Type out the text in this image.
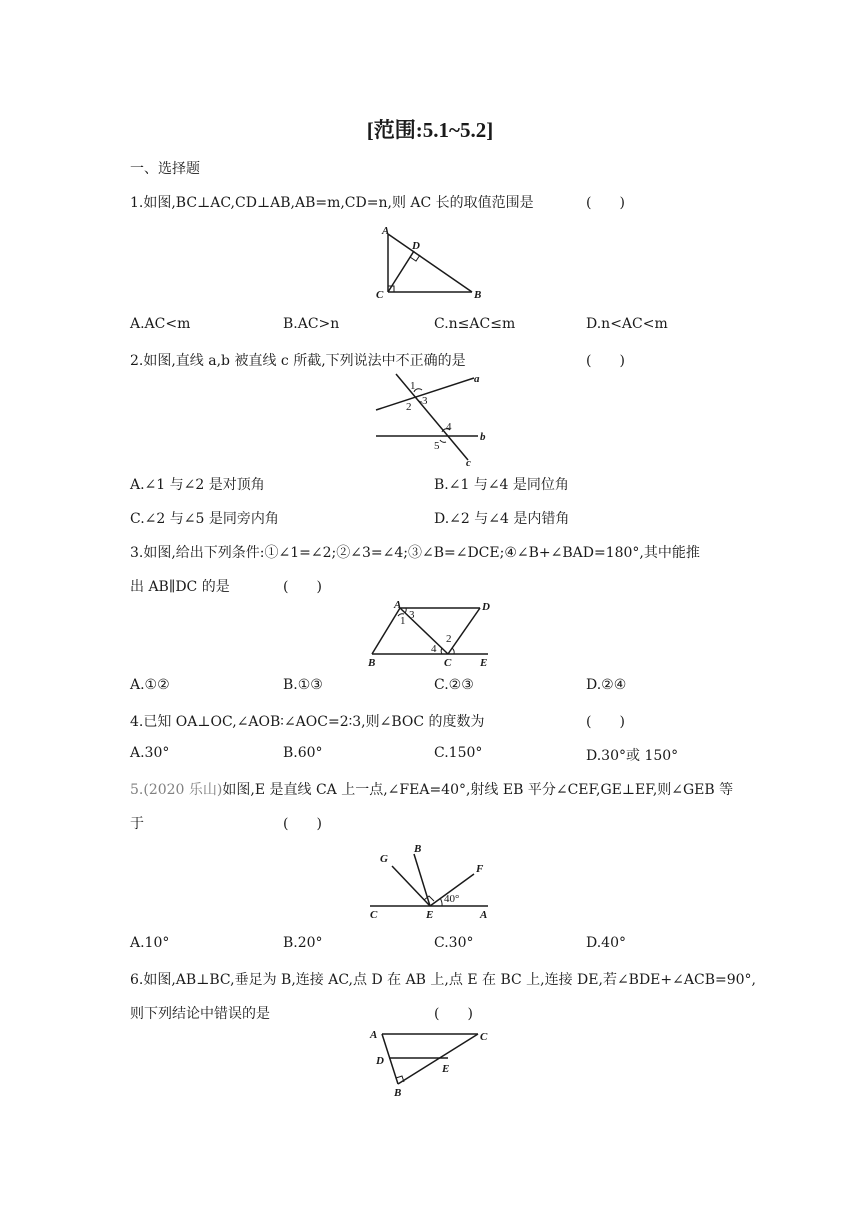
[范围:5.1~5.2]
一、选择题
1.如图,BC⊥AC,CD⊥AB,AB=m,CD=n,则 AC 长的取值范围是	(　　)
A
D
C	B
A.AC<m	B.AC>n	C.n≤AC≤m	D.n<AC<m
2.如图,直线 a,b 被直线 c 所截,下列说法中不正确的是	(　　)
1
2 3
4
5
a
b
c
A.∠1 与∠2 是对顶角	B.∠1 与∠4 是同位角
C.∠2 与∠5 是同旁内角	D.∠2 与∠4 是内错角
3.如图,给出下列条件:①∠1=∠2;②∠3=∠4;③∠B=∠DCE;④∠B+∠BAD=180°,其中能推
出 AB∥DC 的是	(　　)
A	D
1 3
2
4
B	C	E
A.①②	B.①③	C.②③	D.②④
4.已知 OA⊥OC,∠AOB∶∠AOC=2∶3,则∠BOC 的度数为	(　　)
A.30°	B.60°	C.150°	D.30°或 150°
5.(2020 乐山)如图,E 是直线 CA 上一点,∠FEA=40°,射线 EB 平分∠CEF,GE⊥EF,则∠GEB 等
于	(　　)
G
B
F
40°
C	E	A
A.10°	B.20°	C.30°	D.40°
6.如图,AB⊥BC,垂足为 B,连接 AC,点 D 在 AB 上,点 E 在 BC 上,连接 DE,若∠BDE+∠ACB=90°,
则下列结论中错误的是	(　　)
A	C
D
E
B
